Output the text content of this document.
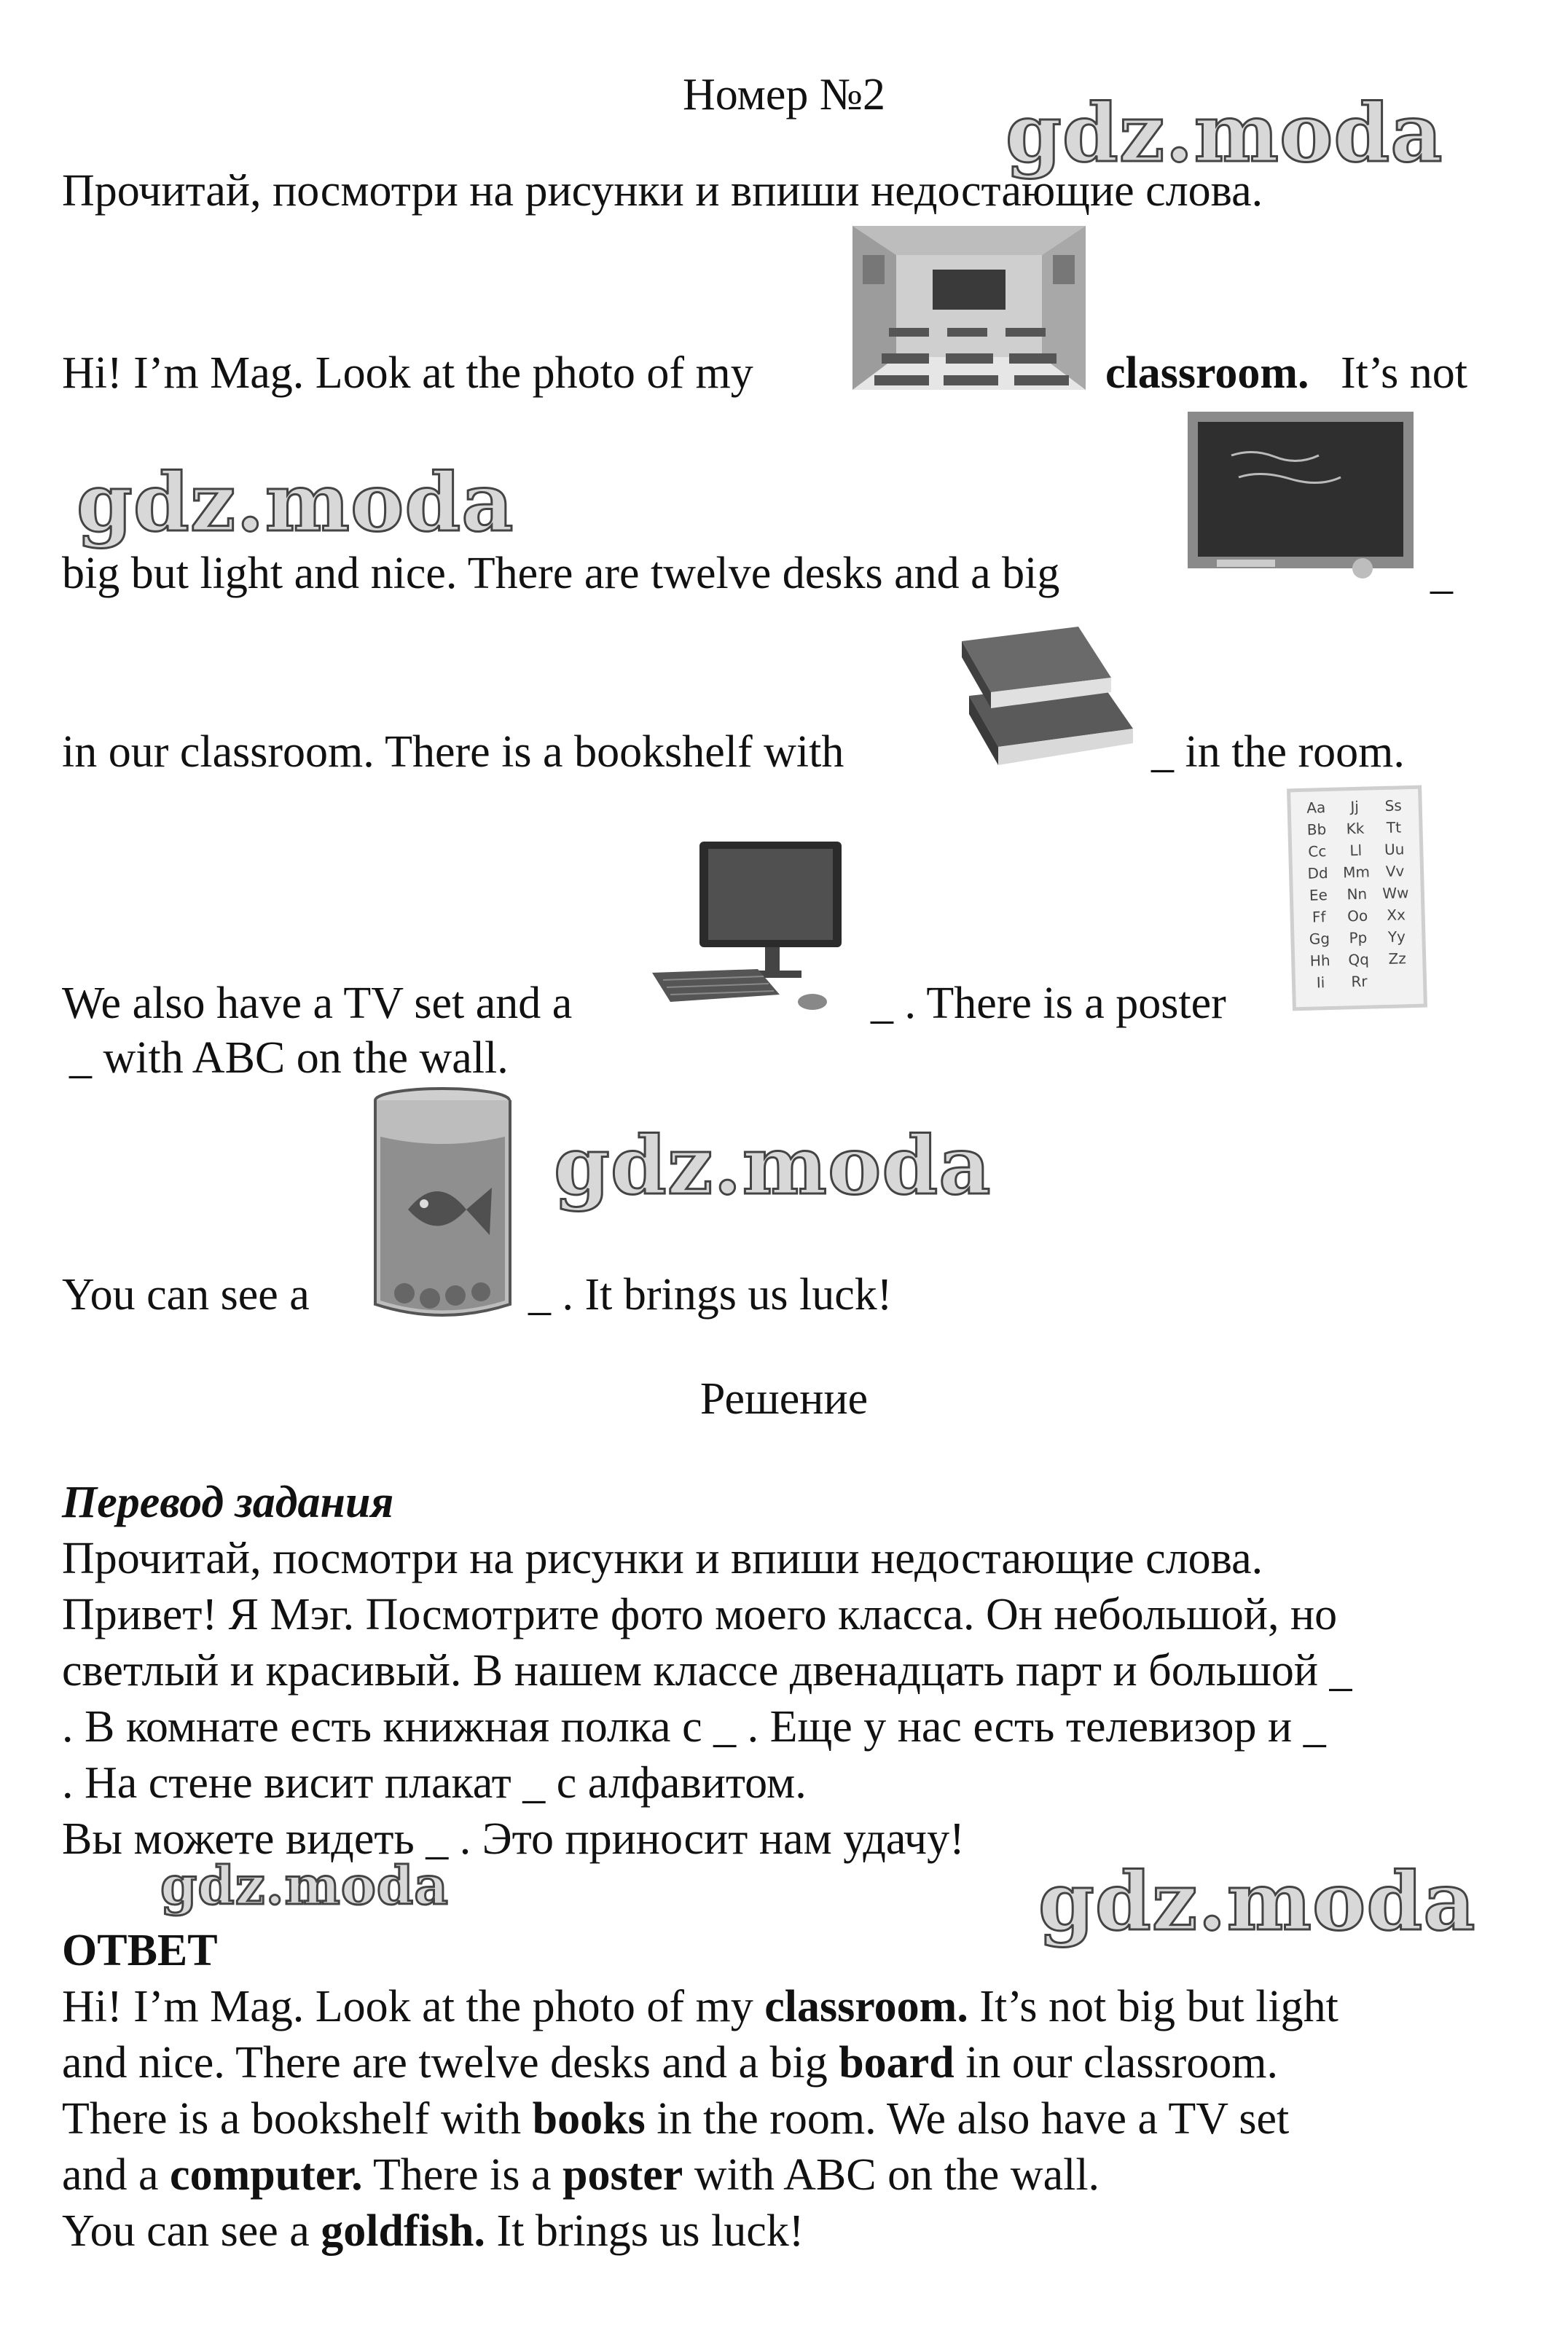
Номер №2	gdz.moda
gdz.moda
gdz.moda
gdz.moda	gdz.moda
Прочитай, посмотри на рисунки и впиши недостающие слова.
Hi! I’m Mag. Look at the photo of my	classroom. It’s not
big but light and nice. There are twelve desks and a big	_
in our classroom. There is a bookshelf with	_ in the room.
Aa	Jj	Ss
Bb	Kk	Tt
Cc	Ll	Uu
Dd Mm	Vv
Ee	Nn	Ww
Ff	Oo	Xx
Gg	Pp	Yy
Hh	Qq	Zz
Ii	Rr
We also have a TV set and a	_ . There is a poster
_ with ABC on the wall.
You can see a	_ . It brings us luck!
Решение
Перевод задания
Прочитай, посмотри на рисунки и впиши недостающие слова.
Привет! Я Мэг. Посмотрите фото моего класса. Он небольшой, но
светлый и красивый. В нашем классе двенадцать парт и большой _
. В комнате есть книжная полка с _ . Еще у нас есть телевизор и _
. На стене висит плакат _ с алфавитом.
Вы можете видеть _ . Это приносит нам удачу!
ОТВЕТ
Hi! I’m Mag. Look at the photo of my classroom. It’s not big but light
and nice. There are twelve desks and a big board in our classroom.
There is a bookshelf with books in the room. We also have a TV set
and a computer. There is a poster with ABC on the wall.
You can see a goldfish. It brings us luck!
